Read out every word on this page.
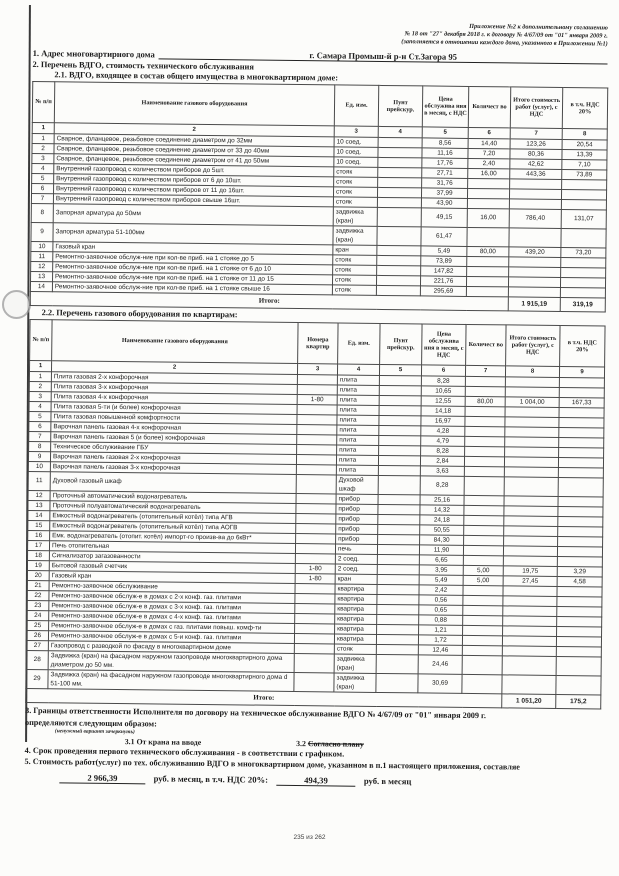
Приложение №2 к дополнительному соглашению
№ 18 от "27" декабря 2018 г. к договору № 4/67/09 от "01" января 2009 г.
(заполняется в отношении каждого дома, указанного в Приложении №1)
1. Адрес многовартирного дома	г. Самара Промыш-й р-н Ст.Загора 95
2. Перечень ВДГО, стоимость технического обслуживания
2.1. ВДГО, входящее в состав общего имущества в многоквартирном доме:
№ п/п	Наименование газового оборудования	Ед. изм.	Пунт прейскур.	Цена обслужива ния в месяц, с НДС	Количест во	Итого стоимость работ (услуг), с НДС	в т.ч. НДС 20%
1	2	3	4	5	6	7	8
1	Сварное, фланцевое, резьбовое соединение диаметром до 32мм	10 соед.		8,56	14,40	123,26	20,54
2	Сварное, фланцевое, резьбовое соединение диаметром от 33 до 40мм	10 соед.		11,16	7,20	80,36	13,39
3	Сварное, фланцевое, резьбовое соединение диаметром от 41 до 50мм	10 соед.		17,76	2,40	42,62	7,10
4	Внутренний газопровод с количеством приборов до 5шт.	стояк		27,71	16,00	443,36	73,89
5	Внутренний газопровод с количеством приборов от 6 до 10шт.	стояк		31,76			
6	Внутренний газопровод с количеством приборов от 11 до 16шт.	стояк		37,99			
7	Внутренний газопровод с количеством приборов свыше 16шт.	стояк		43,90			
8	Запорная арматура до 50мм	задвижка (кран)		49,15	16,00	786,40	131,07
9	Запорная арматура 51-100мм	задвижка (кран)		61,47			
10	Газовый кран	кран		5,49	80,00	439,20	73,20
11	Ремонтно-заявочное обслуж-ние при кол-ве приб. на 1 стояке до 5	стояк		73,89			
12	Ремонтно-заявочное обслуж-ние при кол-ве приб. на 1 стояке от 6 до 10	стояк		147,82			
13	Ремонтно-заявочное обслуж-ние при кол-ве приб. на 1 стояке от 11 до 15	стояк		221,76			
14	Ремонтно-заявочное обслуж-ние при кол-ве приб. на 1 стояке свыше 16	стояк		295,69			
Итого:						1 915,19	319,19
2.2. Перечень газового оборудования по квартирам:
№ п/п	Наименование газового оборудования	Номера квартир	Ед. изм.	Пунт прейскур.	Цена обслужива ния в месяц, с НДС	Количест во	Итого стоимость работ (услуг), с НДС	в т.ч. НДС 20%
1	2	3	4	5	6	7	8	9
1	Плита газовая 2-х конфорочная		плита		8,28			
2	Плита газовая 3-х конфорочная		плита		10,65			
3	Плита газовая 4-х конфорочная	1-80	плита		12,55	80,00	1 004,00	167,33
4	Плита газовая 5-ти (и более) конфорочная		плита		14,18			
5	Плита газовая повышенной комфортности		плита		16,97			
6	Варочная панель газовая 4-х конфорочная		плита		4,28			
7	Варочная панель газовая 5 (и более) конфорочная		плита		4,79			
8	Техническое обслуживание ГБУ		плита		8,28			
9	Варочная панель газовая 2-х конфорочная		плита		2,84			
10	Варочная панель газовая 3-х конфорочная		плита		3,63			
11	Духовой газовый шкаф		Духовой шкаф		8,28			
12	Проточный автоматический водонагреватель		прибор		25,16			
13	Проточный полуавтоматический водонагреватель		прибор		14,32			
14	Емкостный водонагреватель (отопительный котёл) типа АГВ		прибор		24,18			
15	Емкостный водонагреватель (отопительный котёл) типа АОГВ		прибор		50,55			
16	Емк. водонагреватель (отопит. котёл) импорт-го произв-ва до 6кВт*		прибор		84,30			
17	Печь отопительная		печь		11,90			
18	Сигнализатор загазованности		2 соед.		6,65			
19	Бытовой газовый счетчик	1-80	2 соед.		3,95	5,00	19,75	3,29
20	Газовый кран	1-80	кран		5,49	5,00	27,45	4,58
21	Ремонтно-заявочное обслуживание		квартира		2,42			
22	Ремонтно-заявочное обслуж-е в домах с 2-х конф. газ. плитами		квартира		0,56			
23	Ремонтно-заявочное обслуж-е в домах с 3-х конф. газ. плитами		квартира		0,65			
24	Ремонтно-заявочное обслуж-е в домах с 4-х конф. газ. плитами		квартира		0,88			
25	Ремонтно-заявочное обслуж-е в домах с газ. плитами повыш. комф-ти		квартира		1,21			
26	Ремонтно-заявочное обслуж-е в домах с 5-и конф. газ. плитами		квартира		1,72			
27	Газопровод с разводкой по фасаду в многоквартирном доме		стояк		12,46			
28	Задвижка (кран) на фасадном наружном газопроводе многоквартирного дома диаметром до 50 мм.		задвижка (кран)		24,46			
29	Задвижка (кран) на фасадном наружном газопроводе многоквартирного дома d 51-100 мм.		задвижка (кран)		30,69			
Итого:							1 051,20	175,2
3. Границы ответственности Исполнителя по договору на техническое обслуживание ВДГО № 4/67/09 от "01" января 2009 г.
определяются следующим образом:
(ненужный вариант зачеркнуть)
3.1 От крана на вводе	3.2 Согласно плану
4. Срок проведения первого технического обслуживания - в соответствии с графиком.
5. Стоимость работ(услуг) по тех. обслуживанию ВДГО в многоквартирном доме, указанном в п.1 настоящего приложения, составляе
2 966,39	руб. в месяц, в т.ч. НДС 20%:	494,39	руб. в месяц
235 из 262
